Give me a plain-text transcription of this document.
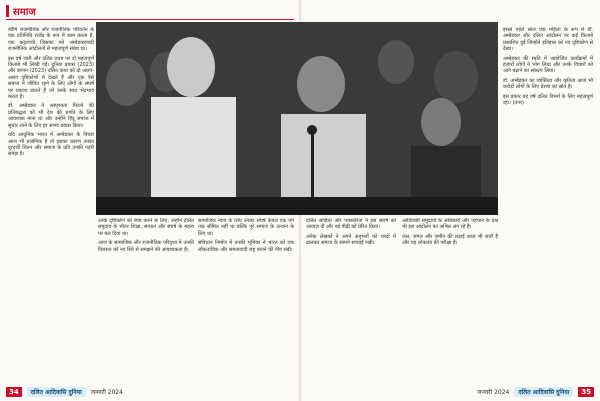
समाज

कौमि राजनीतिक और राजनीतिक परिवर्तन के एक प्रतिनिधि राजेंद्र के रूप में काम करता है, एक कट्टरपंथी जिसका नये अम्बेडकरवादी राजनीतिक आंदोलनों से महत्वपूर्ण संबंध था।

इस वर्ष जारी और दलित प्रथम पर दो महत्वपूर्ण किताबें भी लिखी गईं। दुनिया प्रयास (2023) और कप्पन (2023) दलित कथा को दो अलग-अलग दृष्टिकोणों में देखते हैं और एक ऐसे समाज में जीवित रहने के लिए लोगों के संघर्ष पर प्रकाश डालते हैं जो उनके साथ भेदभाव करता है।

डॉ. अम्बेडकर ने अस्पृश्यता मिटाने की प्रतिबद्धता को भी देश की प्रगति के लिए आवश्यक माना था और उन्होंने हिंदू समाज में सुधार लाने के लिए हर संभव प्रयास किया।

यदि आधुनिक भारत में अम्बेडकर के विचार आज भी प्रासंगिक हैं तो इसका कारण उनका दूरदर्शी चिंतन और समाज के प्रति उनकी गहरी समझ है।

उनके दृष्टिकोण को स्पष्ट करने के लिए, उन्होंने दलित समुदाय के भीतर शिक्षा, संगठन और संघर्ष के महत्व पर बल दिया था।

आज के सामाजिक और राजनीतिक परिदृश्य में उनकी विरासत को नए सिरे से समझने की आवश्यकता है।

सामाजिक न्याय के लिए उनका संघर्ष केवल एक वर्ग तक सीमित नहीं था बल्कि पूरे समाज के उत्थान के लिए था।

संविधान निर्माण में उनकी भूमिका ने भारत को एक लोकतांत्रिक और समतावादी राष्ट्र बनाने की नींव रखी।

दलित साहित्य और पत्रकारिता ने इस संघर्ष को आवाज़ दी और नई पीढ़ी को प्रेरित किया।

अनेक लेखकों ने अपने अनुभवों को शब्दों में ढालकर समाज के सामने सच्चाई रखी।

आदिवासी समुदायों के अधिकारों और पहचान के प्रश्न भी इस आंदोलन का अभिन्न अंग रहे हैं।

जल, जंगल और ज़मीन की लड़ाई आज भी जारी है और यह लोकतंत्र की परीक्षा है।

इससे पहले साल एक महिला के रूप में डॉ. अम्बेडकर और दलित आंदोलन पर कई किताबें प्रकाशित हुईं जिन्होंने इतिहास को नए दृष्टिकोण से देखा।

अम्बेडकर की स्मृति में आयोजित कार्यक्रमों में हज़ारों लोगों ने भाग लिया और उनके विचारों को आगे बढ़ाने का संकल्प लिया।

डॉ. अम्बेडकर का व्यक्तित्व और कृतित्व आज भी करोड़ों लोगों के लिए प्रेरणा का स्रोत है।

इस प्रकार यह वर्ष दलित विमर्श के लिए महत्वपूर्ण रहा। (उपर)

34	दलित आदिवासि दुनिया	जनवरी 2024	जनवरी 2024	दलित आदिवासि दुनिया	35
